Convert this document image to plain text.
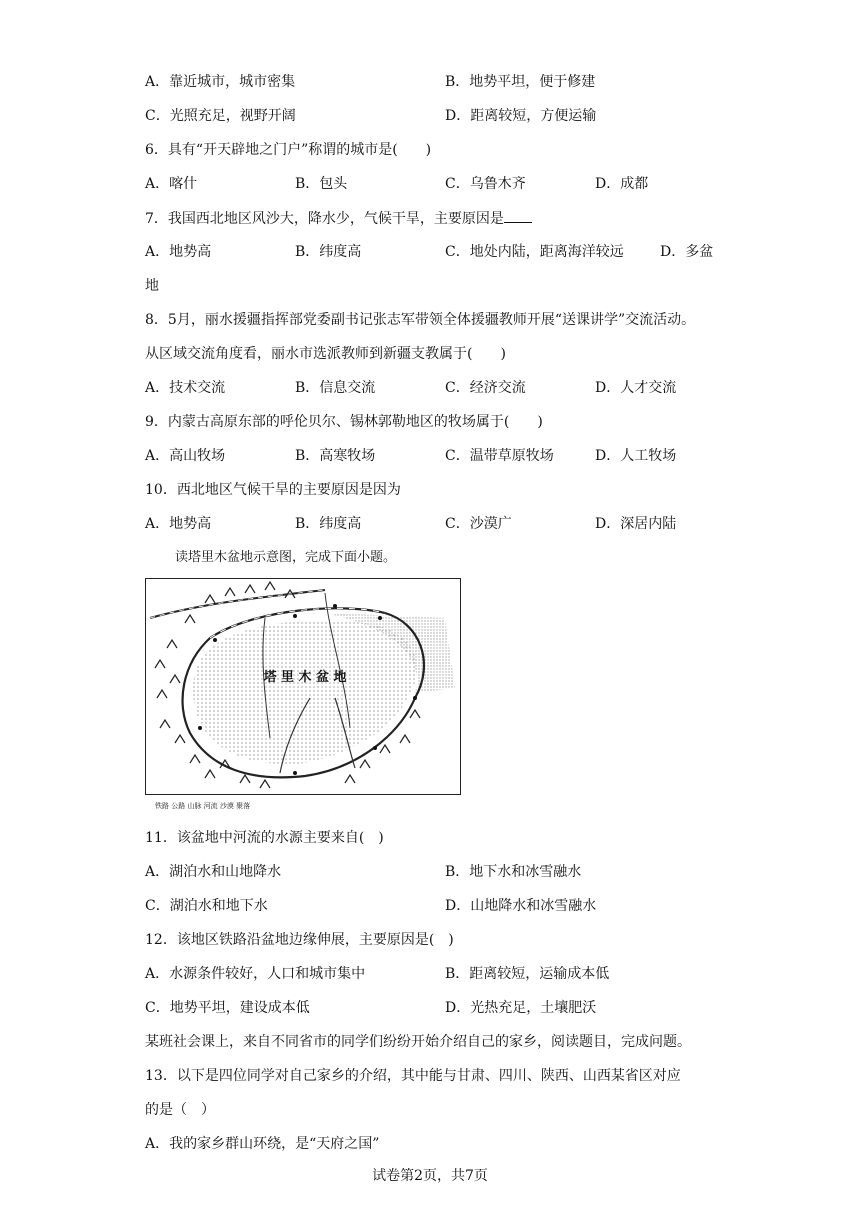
A．靠近城市，城市密集	B．地势平坦，便于修建
C．光照充足，视野开阔	D．距离较短，方便运输
6．具有“开天辟地之门户”称谓的城市是(　　)
A．喀什	B．包头	C．乌鲁木齐	D．成都
7．我国西北地区风沙大，降水少，气候干旱，主要原因是
A．地势高	B．纬度高	C．地处内陆，距离海洋较远	D．多盆
地
8．5月，丽水援疆指挥部党委副书记张志军带领全体援疆教师开展“送课讲学”交流活动。
从区域交流角度看，丽水市选派教师到新疆支教属于(　　)
A．技术交流	B．信息交流	C．经济交流	D．人才交流
9．内蒙古高原东部的呼伦贝尔、锡林郭勒地区的牧场属于(　　)
A．高山牧场	B．高寒牧场	C．温带草原牧场	D．人工牧场
10．西北地区气候干旱的主要原因是因为
A．地势高	B．纬度高	C．沙漠广	D．深居内陆
读塔里木盆地示意图，完成下面小题。
塔 里 木 盆 地
铁路 公路 山脉 河流 沙漠 聚落
11．该盆地中河流的水源主要来自(　)
A．湖泊水和山地降水	B．地下水和冰雪融水
C．湖泊水和地下水	D．山地降水和冰雪融水
12．该地区铁路沿盆地边缘伸展，主要原因是(　)
A．水源条件较好，人口和城市集中	B．距离较短，运输成本低
C．地势平坦，建设成本低	D．光热充足，土壤肥沃
某班社会课上，来自不同省市的同学们纷纷开始介绍自己的家乡，阅读题目，完成问题。
13．以下是四位同学对自己家乡的介绍，其中能与甘肃、四川、陕西、山西某省区对应
的是（　）
A．我的家乡群山环绕，是“天府之国”
试卷第2页，共7页
